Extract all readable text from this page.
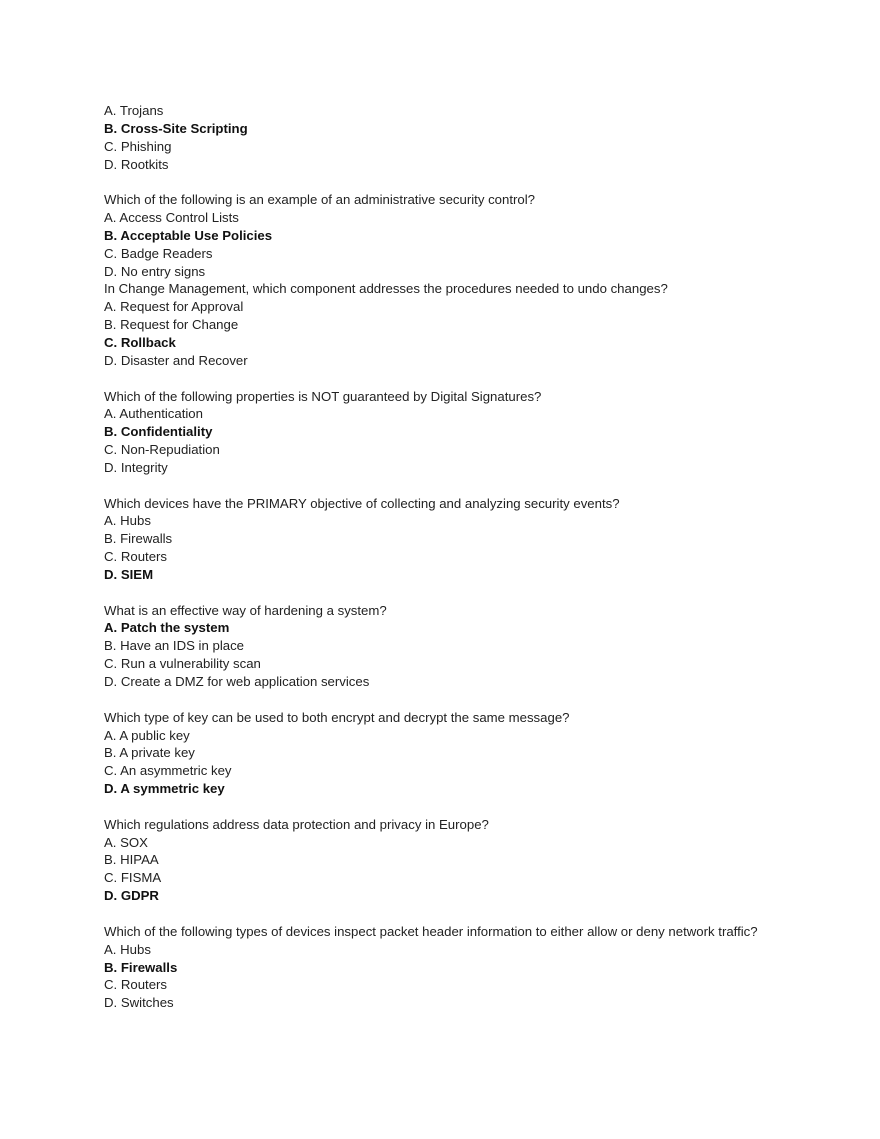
A. Trojans
B. Cross-Site Scripting
C. Phishing
D. Rootkits
Which of the following is an example of an administrative security control?
A. Access Control Lists
B. Acceptable Use Policies
C. Badge Readers
D. No entry signs
In Change Management, which component addresses the procedures needed to undo changes?
A. Request for Approval
B. Request for Change
C. Rollback
D. Disaster and Recover
Which of the following properties is NOT guaranteed by Digital Signatures?
A. Authentication
B. Confidentiality
C. Non-Repudiation
D. Integrity
Which devices have the PRIMARY objective of collecting and analyzing security events?
A. Hubs
B. Firewalls
C. Routers
D. SIEM
What is an effective way of hardening a system?
A. Patch the system
B. Have an IDS in place
C. Run a vulnerability scan
D. Create a DMZ for web application services
Which type of key can be used to both encrypt and decrypt the same message?
A. A public key
B. A private key
C. An asymmetric key
D. A symmetric key
Which regulations address data protection and privacy in Europe?
A. SOX
B. HIPAA
C. FISMA
D. GDPR
Which of the following types of devices inspect packet header information to either allow or deny network traffic?
A. Hubs
B. Firewalls
C. Routers
D. Switches
